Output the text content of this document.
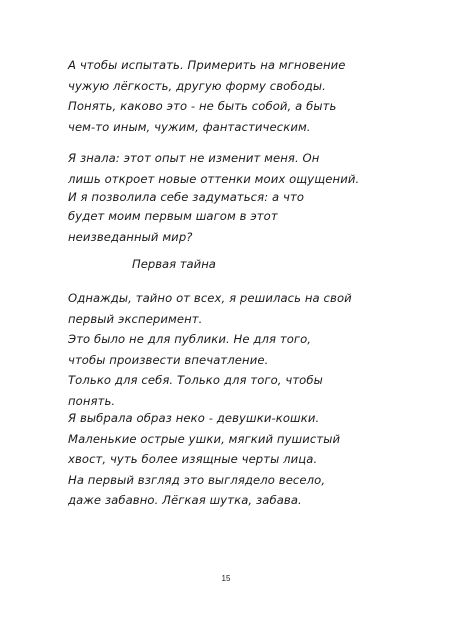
А чтобы испытать. Примерить на мгновение
чужую лёгкость, другую форму свободы.
Понять, каково это - не быть собой, а быть
чем-то иным, чужим, фантастическим.
Я знала: этот опыт не изменит меня. Он
лишь откроет новые оттенки моих ощущений.
И я позволила себе задуматься: а что
будет моим первым шагом в этот
неизведанный мир?
Первая тайна
Однажды, тайно от всех, я решилась на свой
первый эксперимент.
Это было не для публики. Не для того,
чтобы произвести впечатление.
Только для себя. Только для того, чтобы
понять.
Я выбрала образ неко - девушки-кошки.
Маленькие острые ушки, мягкий пушистый
хвост, чуть более изящные черты лица.
На первый взгляд это выглядело весело,
даже забавно. Лёгкая шутка, забава.
15
